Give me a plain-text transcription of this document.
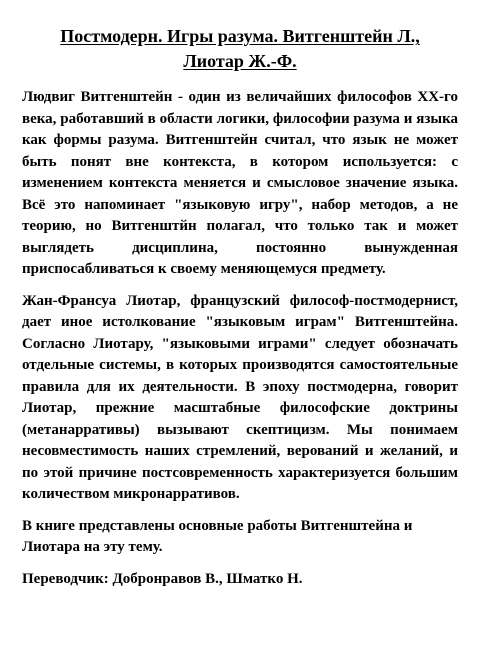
Постмодерн. Игры разума. Витгенштейн Л., Лиотар Ж.-Ф.

Людвиг Витгенштейн - один из величайших философов XX-го века, работавший в области логики, философии разума и языка как формы разума. Витгенштейн считал, что язык не может быть понят вне контекста, в котором используется: с изменением контекста меняется и смысловое значение языка. Всё это напоминает "языковую игру", набор методов, а не теорию, но Витгенштйн полагал, что только так и может выглядеть дисциплина, постоянно вынужденная приспосабливаться к своему меняющемуся предмету.

Жан-Франсуа Лиотар, французский философ-постмодернист, дает иное истолкование "языковым играм" Витгенштейна. Согласно Лиотару, "языковыми играми" следует обозначать отдельные системы, в которых производятся самостоятельные правила для их деятельности. В эпоху постмодерна, говорит Лиотар, прежние масштабные философские доктрины (метанарративы) вызывают скептицизм. Мы понимаем несовместимость наших стремлений, верований и желаний, и по этой причине постсовременность характеризуется большим количеством микронарративов.

В книге представлены основные работы Витгенштейна и Лиотара на эту тему.

Переводчик: Добронравов В., Шматко Н.
